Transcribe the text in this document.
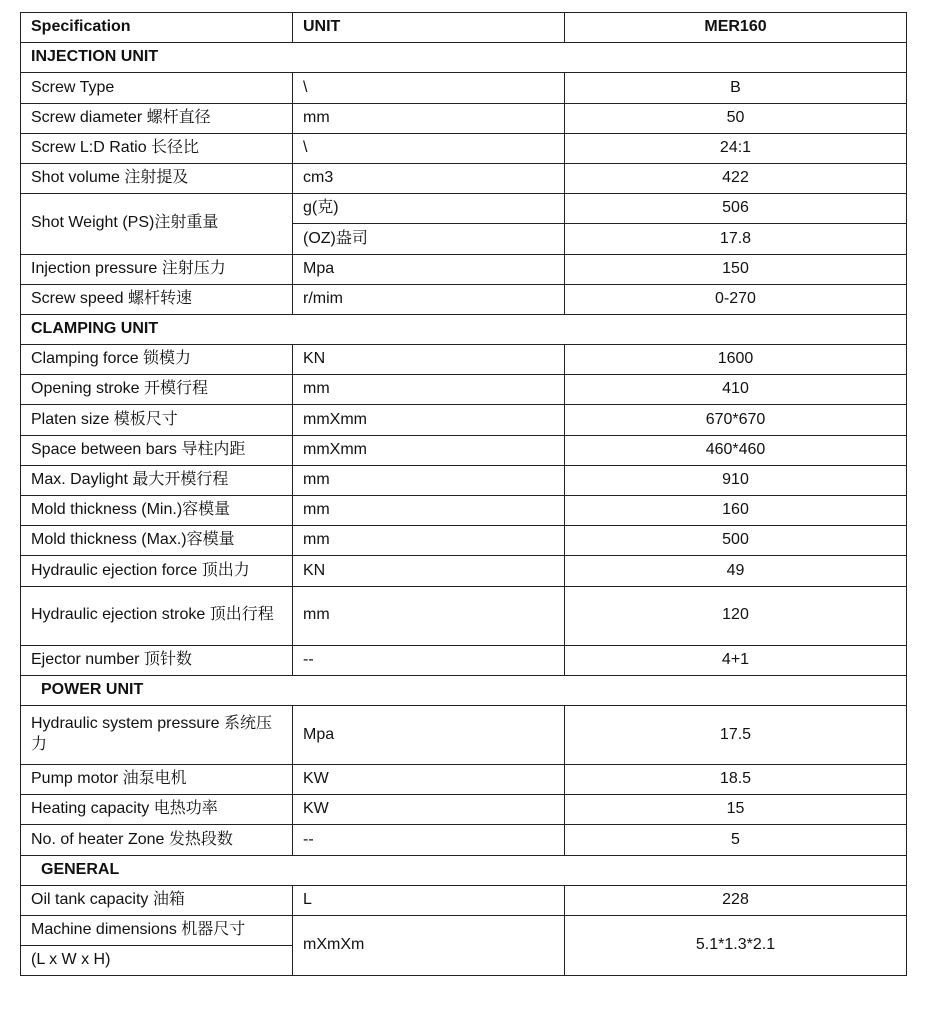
Specification	UNIT	MER160
INJECTION UNIT		
Screw Type	\	B
Screw diameter 螺杆直径	mm	50
Screw L:D Ratio 长径比	\	24:1
Shot volume 注射提及	cm3	422
Shot Weight (PS)注射重量	g(克)	506
	(OZ)盎司	17.8
Injection pressure 注射压力	Mpa	150
Screw speed 螺杆转速	r/mim	0-270
CLAMPING UNIT		
Clamping force 锁模力	KN	1600
Opening stroke 开模行程	mm	410
Platen size 模板尺寸	mmXmm	670*670
Space between bars 导柱内距	mmXmm	460*460
Max. Daylight 最大开模行程	mm	910
Mold thickness (Min.)容模量	mm	160
Mold thickness (Max.)容模量	mm	500
Hydraulic ejection force 顶出力	KN	49
Hydraulic ejection stroke 顶出行程	mm	120
Ejector number 顶针数	--	4+1
POWER UNIT		
Hydraulic system pressure 系统压力	Mpa	17.5
Pump motor 油泵电机	KW	18.5
Heating capacity 电热功率	KW	15
No. of heater Zone 发热段数	--	5
GENERAL		
Oil tank capacity 油箱	L	228
Machine dimensions 机器尺寸	mXmXm	5.1*1.3*2.1
(L x W x H)		
